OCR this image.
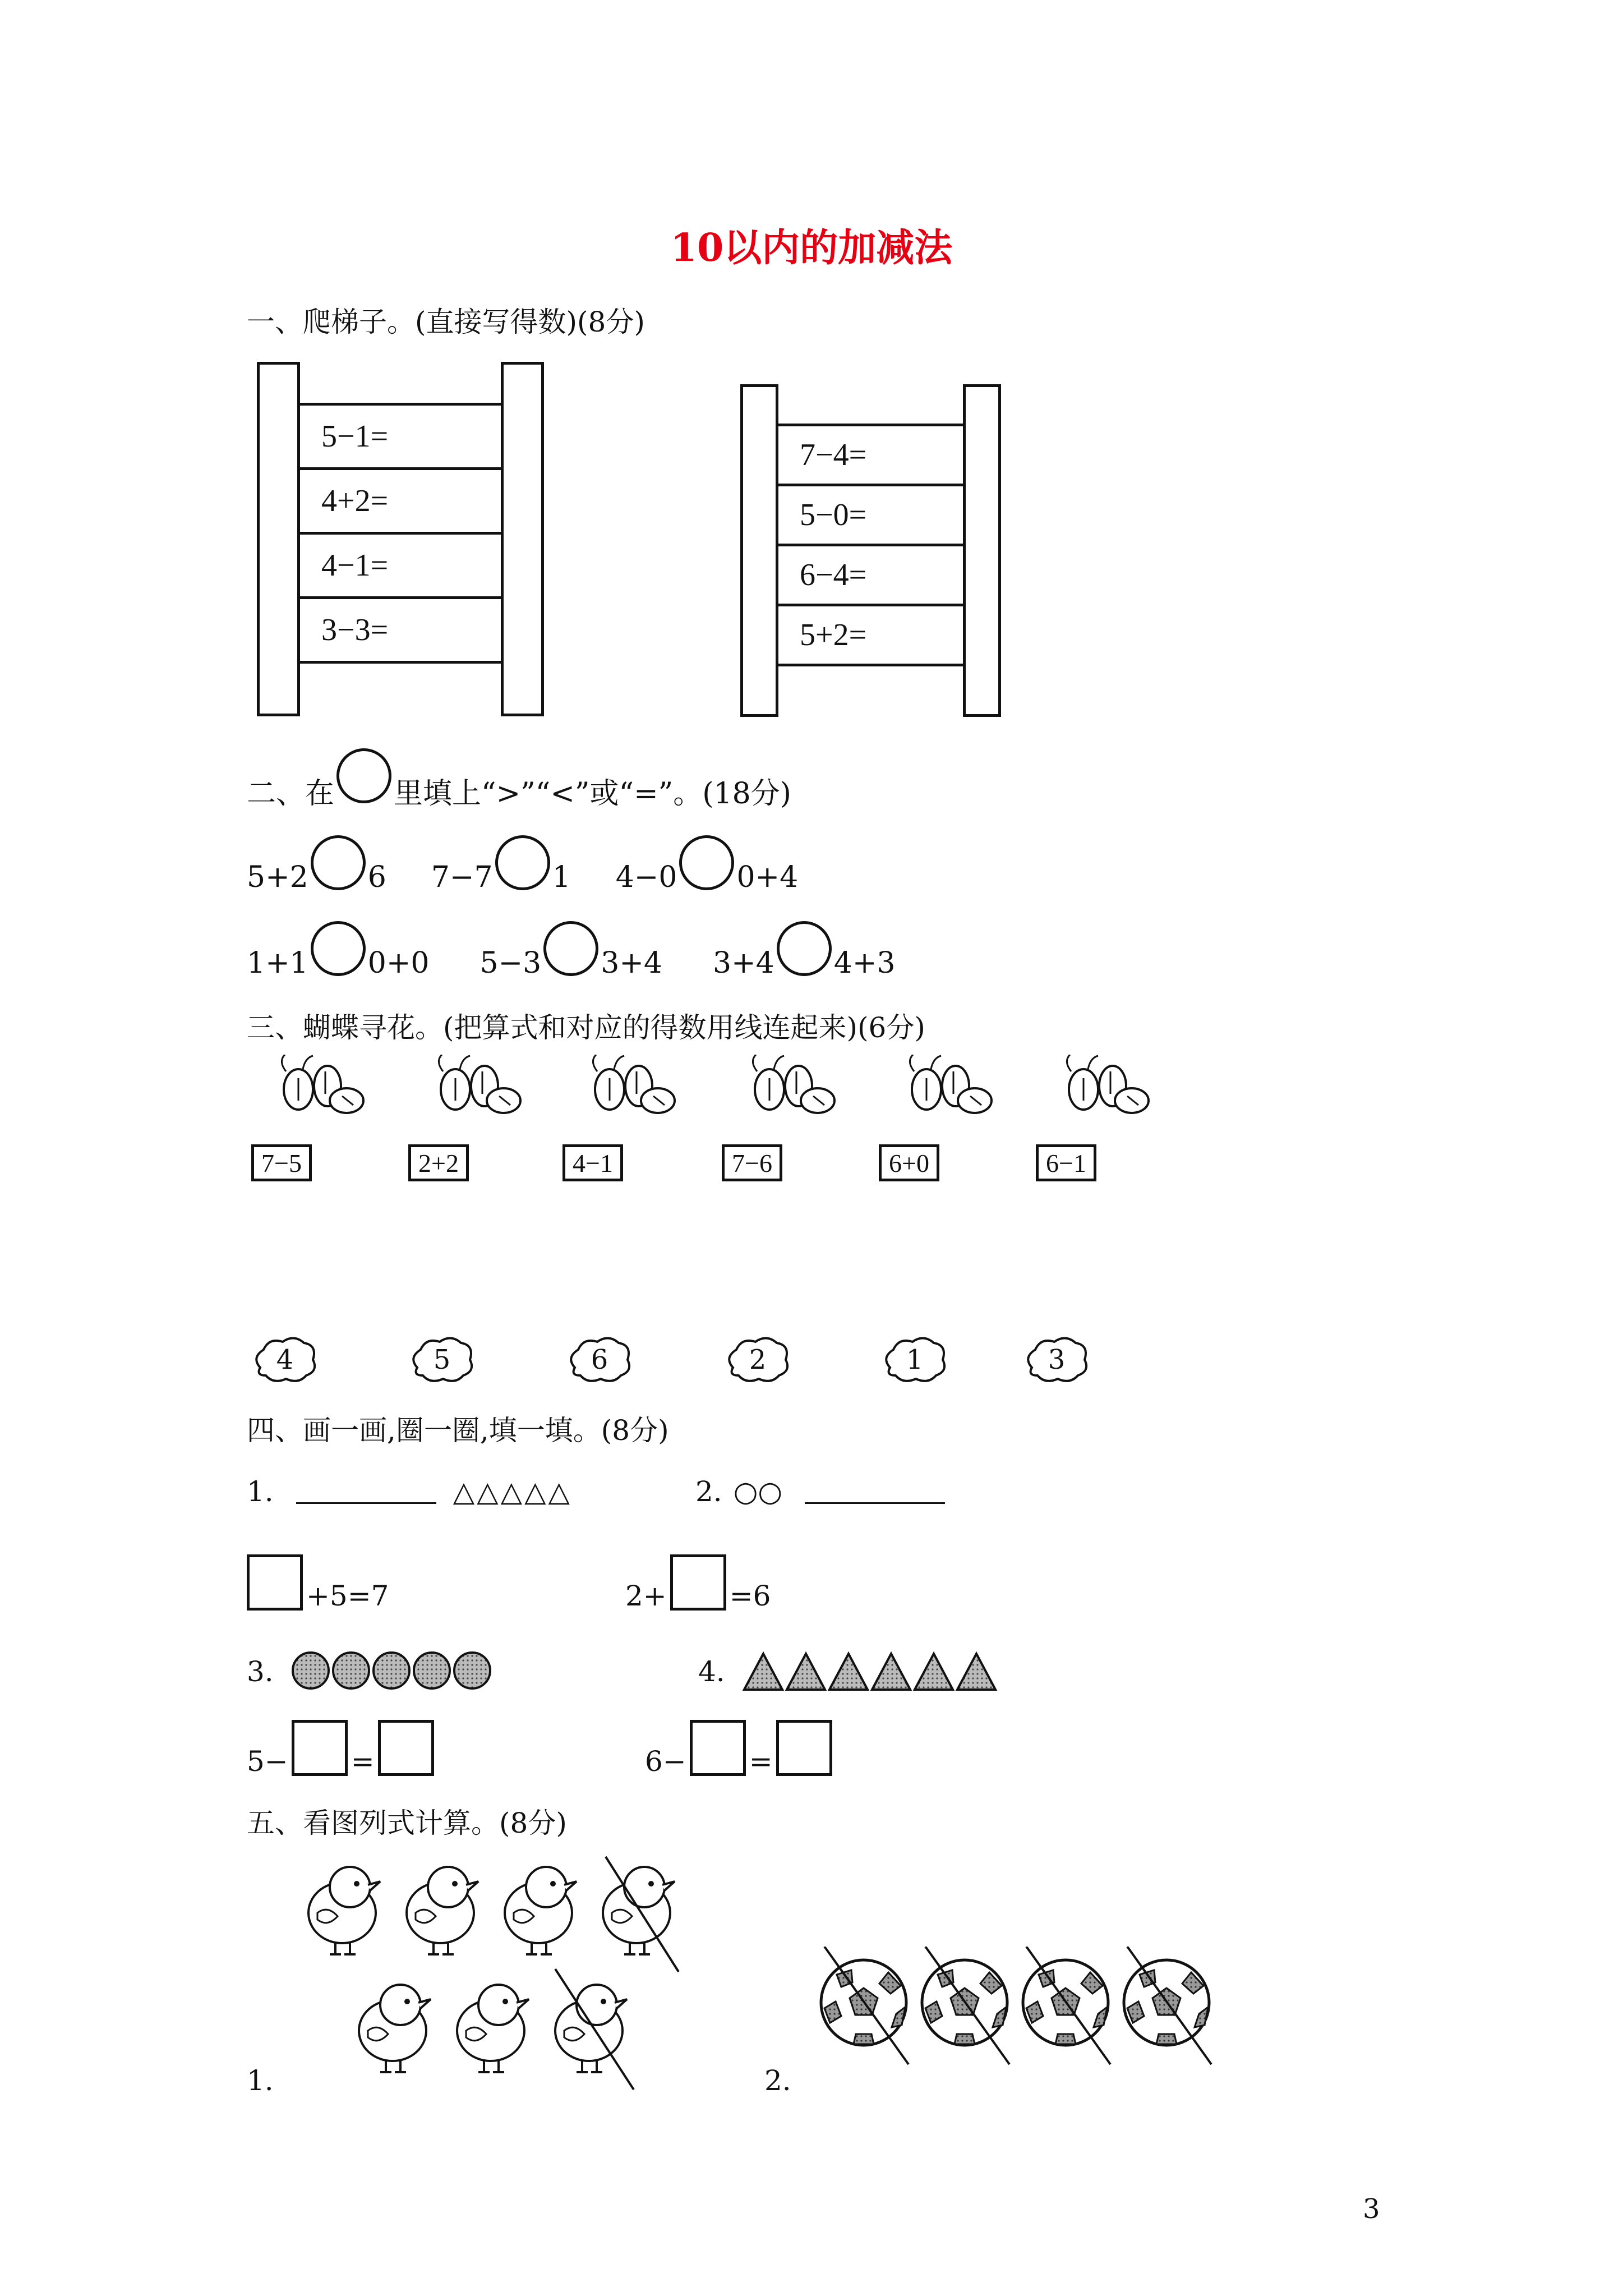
10以内的加减法
一、爬梯子。(直接写得数)(8分)
5−1=
4+2=
4−1=
3−3=
7−4=
5−0=
6−4=
5+2=
二、在 里填上“>”“<”或“=”。(18分)
5+2 6 7−7 1 4−0 0+4
1+1 0+0 5−3 3+4 3+4 4+3
三、蝴蝶寻花。(把算式和对应的得数用线连起来)(6分)
7−5	2+2	4−1	7−6	6+0	6−1
4	5	6	2	1	3
四、画一画,圈一圈,填一填。(8分)
1.	△△△△△	2. ○○
+5=7	2+ =6
3.	4.
5− =	6− =
五、看图列式计算。(8分)
1.	2.
3
